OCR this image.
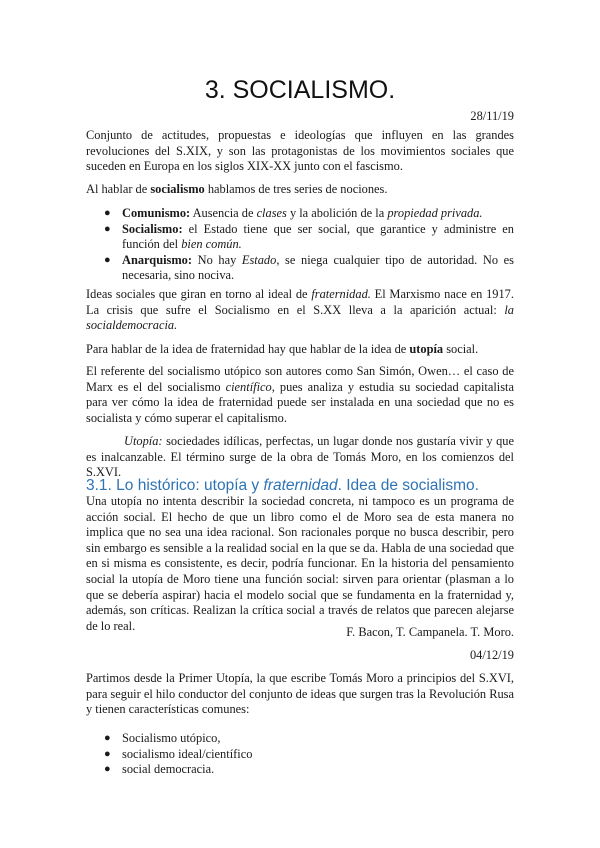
3. SOCIALISMO.
28/11/19

Conjunto de actitudes, propuestas e ideologías que influyen en las grandes revoluciones del S.XIX, y son las protagonistas de los movimientos sociales que suceden en Europa en los siglos XIX-XX junto con el fascismo.

Al hablar de socialismo hablamos de tres series de nociones.

● Comunismo: Ausencia de clases y la abolición de la propiedad privada.
● Socialismo: el Estado tiene que ser social, que garantice y administre en función del bien común.
● Anarquismo: No hay Estado, se niega cualquier tipo de autoridad. No es necesaria, sino nociva.

Ideas sociales que giran en torno al ideal de fraternidad. El Marxismo nace en 1917. La crisis que sufre el Socialismo en el S.XX lleva a la aparición actual: la socialdemocracia.

Para hablar de la idea de fraternidad hay que hablar de la idea de utopía social.

El referente del socialismo utópico son autores como San Simón, Owen… el caso de Marx es el del socialismo científico, pues analiza y estudia su sociedad capitalista para ver cómo la idea de fraternidad puede ser instalada en una sociedad que no es socialista y cómo superar el capitalismo.

Utopía: sociedades idílicas, perfectas, un lugar donde nos gustaría vivir y que es inalcanzable. El término surge de la obra de Tomás Moro, en los comienzos del S.XVI.

3.1. Lo histórico: utopía y fraternidad. Idea de socialismo.

Una utopía no intenta describir la sociedad concreta, ni tampoco es un programa de acción social. El hecho de que un libro como el de Moro sea de esta manera no implica que no sea una idea racional. Son racionales porque no busca describir, pero sin embargo es sensible a la realidad social en la que se da. Habla de una sociedad que en si misma es consistente, es decir, podría funcionar. En la historia del pensamiento social la utopía de Moro tiene una función social: sirven para orientar (plasman a lo que se debería aspirar) hacia el modelo social que se fundamenta en la fraternidad y, además, son críticas. Realizan la crítica social a través de relatos que parecen alejarse de lo real.	F. Bacon, T. Campanela. T. Moro.

04/12/19

Partimos desde la Primer Utopía, la que escribe Tomás Moro a principios del S.XVI, para seguir el hilo conductor del conjunto de ideas que surgen tras la Revolución Rusa y tienen características comunes:

● Socialismo utópico,
● socialismo ideal/científico
● social democracia.
